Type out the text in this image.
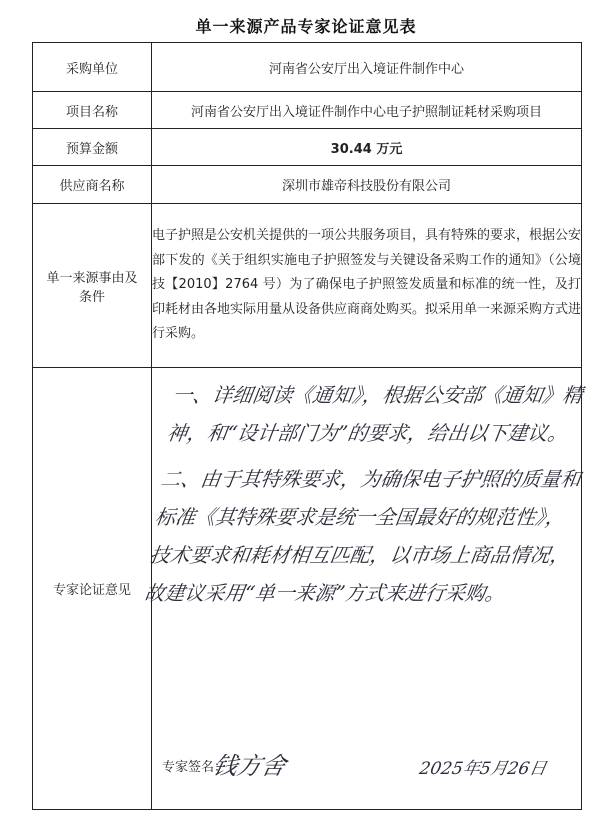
单一来源产品专家论证意见表
采购单位	河南省公安厅出入境证件制作中心
项目名称	河南省公安厅出入境证件制作中心电子护照制证耗材采购项目
预算金额	30.44 万元
供应商名称	深圳市雄帝科技股份有限公司
单一来源事由及
条件	电子护照是公安机关提供的一项公共服务项目，具有特殊的要求，根据公安部下发的《关于组织实施电子护照签发与关键设备采购工作的通知》（公境技【2010】2764 号）为了确保电子护照签发质量和标准的统一性，及打印耗材由各地实际用量从设备供应商商处购买。拟采用单一来源采购方式进行采购。
专家论证意见	一、详细阅读《通知》，根据公安部《通知》精神，和“设计部门为”的要求，给出以下建议。

二、由于其特殊要求，为确保电子护照的质量和标准《其特殊要求是统一全国最好的规范性》，技术要求和耗材相互匹配，以市场上商品情况，故建议采用“单一来源”方式来进行采购。

专家签名：
钱方舍 2025年5月26日
